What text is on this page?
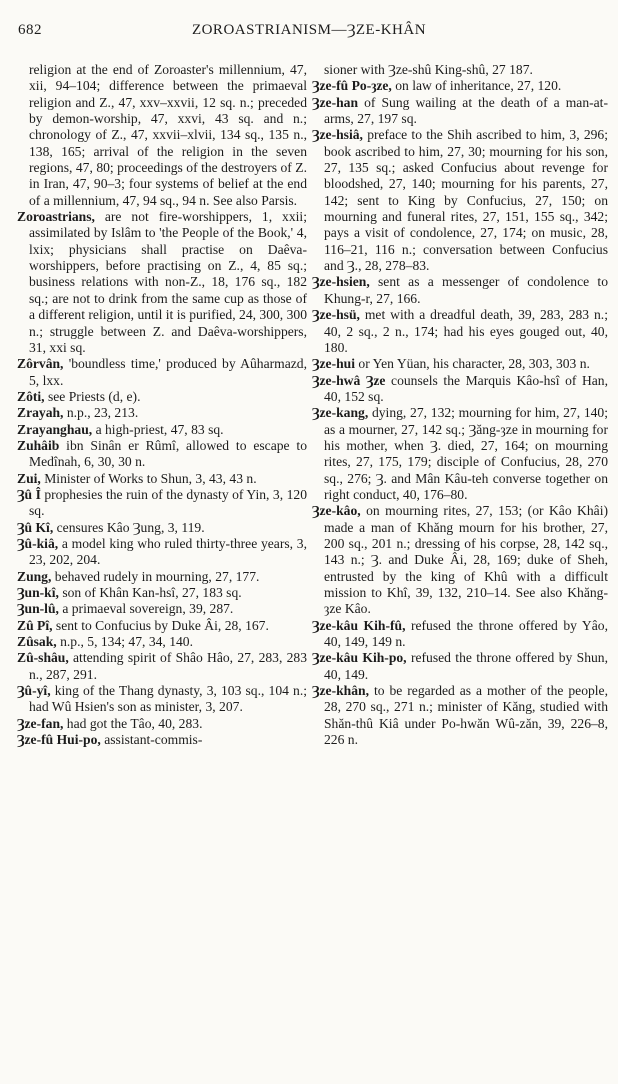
682	ZOROASTRIANISM—ȜZE-KHÂN
religion at the end of Zoroaster's millennium, 47, xii, 94–104; difference between the primaeval religion and Z., 47, xxv–xxvii, 12 sq. n.; preceded by demon-worship, 47, xxvi, 43 sq. and n.; chronology of Z., 47, xxvii–xlvii, 134 sq., 135 n., 138, 165; arrival of the religion in the seven regions, 47, 80; proceedings of the destroyers of Z. in Iran, 47, 90–3; four systems of belief at the end of a millennium, 47, 94 sq., 94 n. See also Parsis.
Zoroastrians, are not fire-worshippers, 1, xxii; assimilated by Islâm to 'the People of the Book,' 4, lxix; physicians shall practise on Daêva-worshippers, before practising on Z., 4, 85 sq.; business relations with non-Z., 18, 176 sq., 182 sq.; are not to drink from the same cup as those of a different religion, until it is purified, 24, 300, 300 n.; struggle between Z. and Daêva-worshippers, 31, xxi sq.
Zôrvân, 'boundless time,' produced by Aûharmazd, 5, lxx.
Zôti, see Priests (d, e).
Zrayah, n.p., 23, 213.
Zrayangh​au, a high-priest, 47, 83 sq.
Zuhâib ibn Sinân er Rûmî, allowed to escape to Medînah, 6, 30, 30 n.
Zui, Minister of Works to Shun, 3, 43, 43 n.
Ȝû Î prophesies the ruin of the dynasty of Yin, 3, 120 sq.
Ȝû Kî, censures Kâo Ȝung, 3, 119.
Ȝû-kiâ, a model king who ruled thirty-three years, 3, 23, 202, 204.
Zung, behaved rudely in mourning, 27, 177.
Ȝun-kî, son of Khân Kan-hsî, 27, 183 sq.
Ȝun-lû, a primaeval sovereign, 39, 287.
Zû Pî, sent to Confucius by Duke Âi, 28, 167.
Zûsak, n.p., 5, 134; 47, 34, 140.
Zû-shâu, attending spirit of Shâo Hâo, 27, 283, 283 n., 287, 291.
Ȝû-yî, king of the Thang dynasty, 3, 103 sq., 104 n.; had Wû Hsien's son as minister, 3, 207.
Ȝze-fan, had got the Tâo, 40, 283.
Ȝze-fû Hui-po, assistant-commis-
sioner with Ȝze-shû King-shû, 27 187.
Ȝze-fû Po-ȝze, on law of inheritance, 27, 120.
Ȝze-han of Sung wailing at the death of a man-at-arms, 27, 197 sq.
Ȝze-hsiâ, preface to the Shih ascribed to him, 3, 296; book ascribed to him, 27, 30; mourning for his son, 27, 135 sq.; asked Confucius about revenge for bloodshed, 27, 140; mourning for his parents, 27, 142; sent to King by Confucius, 27, 150; on mourning and funeral rites, 27, 151, 155 sq., 342; pays a visit of condolence, 27, 174; on music, 28, 116–21, 116 n.; conversation between Confucius and Ȝ., 28, 278–83.
Ȝze-hsien, sent as a messenger of condolence to Khung-r, 27, 166.
Ȝze-hsü, met with a dreadful death, 39, 283, 283 n.; 40, 2 sq., 2 n., 174; had his eyes gouged out, 40, 180.
Ȝze-hui or Yen Yüan, his character, 28, 303, 303 n.
Ȝze-hwâ Ȝze counsels the Marquis Kâo-hsî of Han, 40, 152 sq.
Ȝze-kang, dying, 27, 132; mourning for him, 27, 140; as a mourner, 27, 142 sq.; Ȝăng-ȝze in mourning for his mother, when Ȝ. died, 27, 164; on mourning rites, 27, 175, 179; disciple of Confucius, 28, 270 sq., 276; Ȝ. and Mân Kâu-teh converse together on right conduct, 40, 176–80.
Ȝze-kâo, on mourning rites, 27, 153; (or Kâo Khâi) made a man of Khăng mourn for his brother, 27, 200 sq., 201 n.; dressing of his corpse, 28, 142 sq., 143 n.; Ȝ. and Duke Âi, 28, 169; duke of Sheh, entrusted by the king of Khû with a difficult mission to Khî, 39, 132, 210–14. See also Khăng-ȝze Kâo.
Ȝze-kâu Kih-fû, refused the throne offered by Yâo, 40, 149, 149 n.
Ȝze-kâu Kih-po, refused the throne offered by Shun, 40, 149.
Ȝze-khân, to be regarded as a mother of the people, 28, 270 sq., 271 n.; minister of Kăng, studied with Shăn-thû Kiâ under Po-hwăn Wû-zăn, 39, 226–8, 226 n.
